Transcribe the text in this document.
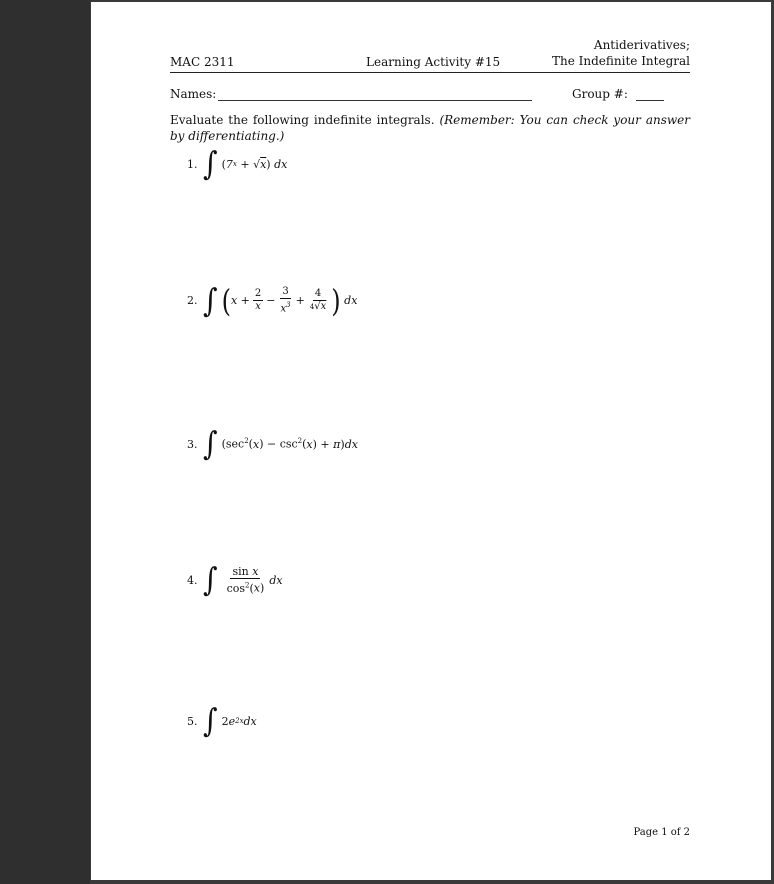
MAC 2311	Learning Activity #15
Antiderivatives;
The Indefinite Integral
Names:	Group #:
Evaluate the following indefinite integrals. (Remember: You can check your answer by differentiating.)
1. ∫ ( 7 x
+
√ x ) dx
2. ∫ ( $x + \frac{2}{x} - \frac{3}{x^3} + \frac{4}{^4√x}$ ) dx
3. ∫ ($\sec^2$( x ) − $\csc^2$( x ) + π ) dx
4. ∫ $\frac{\text{sin x}}{\cos^2(x)}$ dx
5. ∫ 2 e 2x dx
Page 1 of 2
